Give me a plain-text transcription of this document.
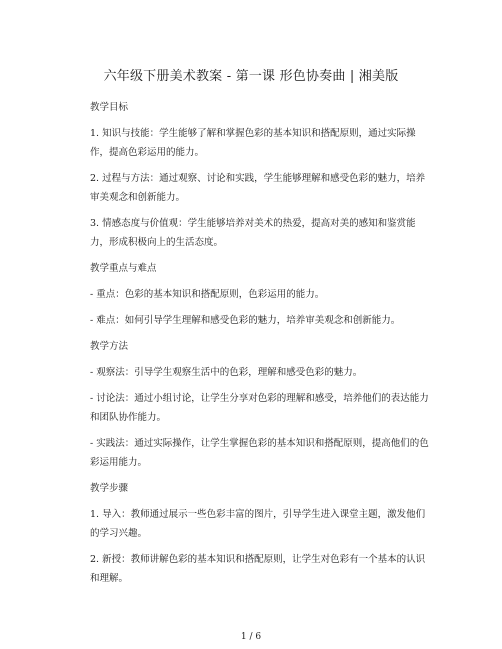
六年级下册美术教案 - 第一课 形色协奏曲 | 湘美版
教学目标
1. 知识与技能：学生能够了解和掌握色彩的基本知识和搭配原则，通过实际操作，提高色彩运用的能力。
2. 过程与方法：通过观察、讨论和实践，学生能够理解和感受色彩的魅力，培养审美观念和创新能力。
3. 情感态度与价值观：学生能够培养对美术的热爱，提高对美的感知和鉴赏能力，形成积极向上的生活态度。
教学重点与难点
- 重点：色彩的基本知识和搭配原则，色彩运用的能力。
- 难点：如何引导学生理解和感受色彩的魅力，培养审美观念和创新能力。
教学方法
- 观察法：引导学生观察生活中的色彩，理解和感受色彩的魅力。
- 讨论法：通过小组讨论，让学生分享对色彩的理解和感受，培养他们的表达能力和团队协作能力。
- 实践法：通过实际操作，让学生掌握色彩的基本知识和搭配原则，提高他们的色彩运用能力。
教学步骤
1. 导入：教师通过展示一些色彩丰富的图片，引导学生进入课堂主题，激发他们的学习兴趣。
2. 新授：教师讲解色彩的基本知识和搭配原则，让学生对色彩有一个基本的认识和理解。
1 / 6
